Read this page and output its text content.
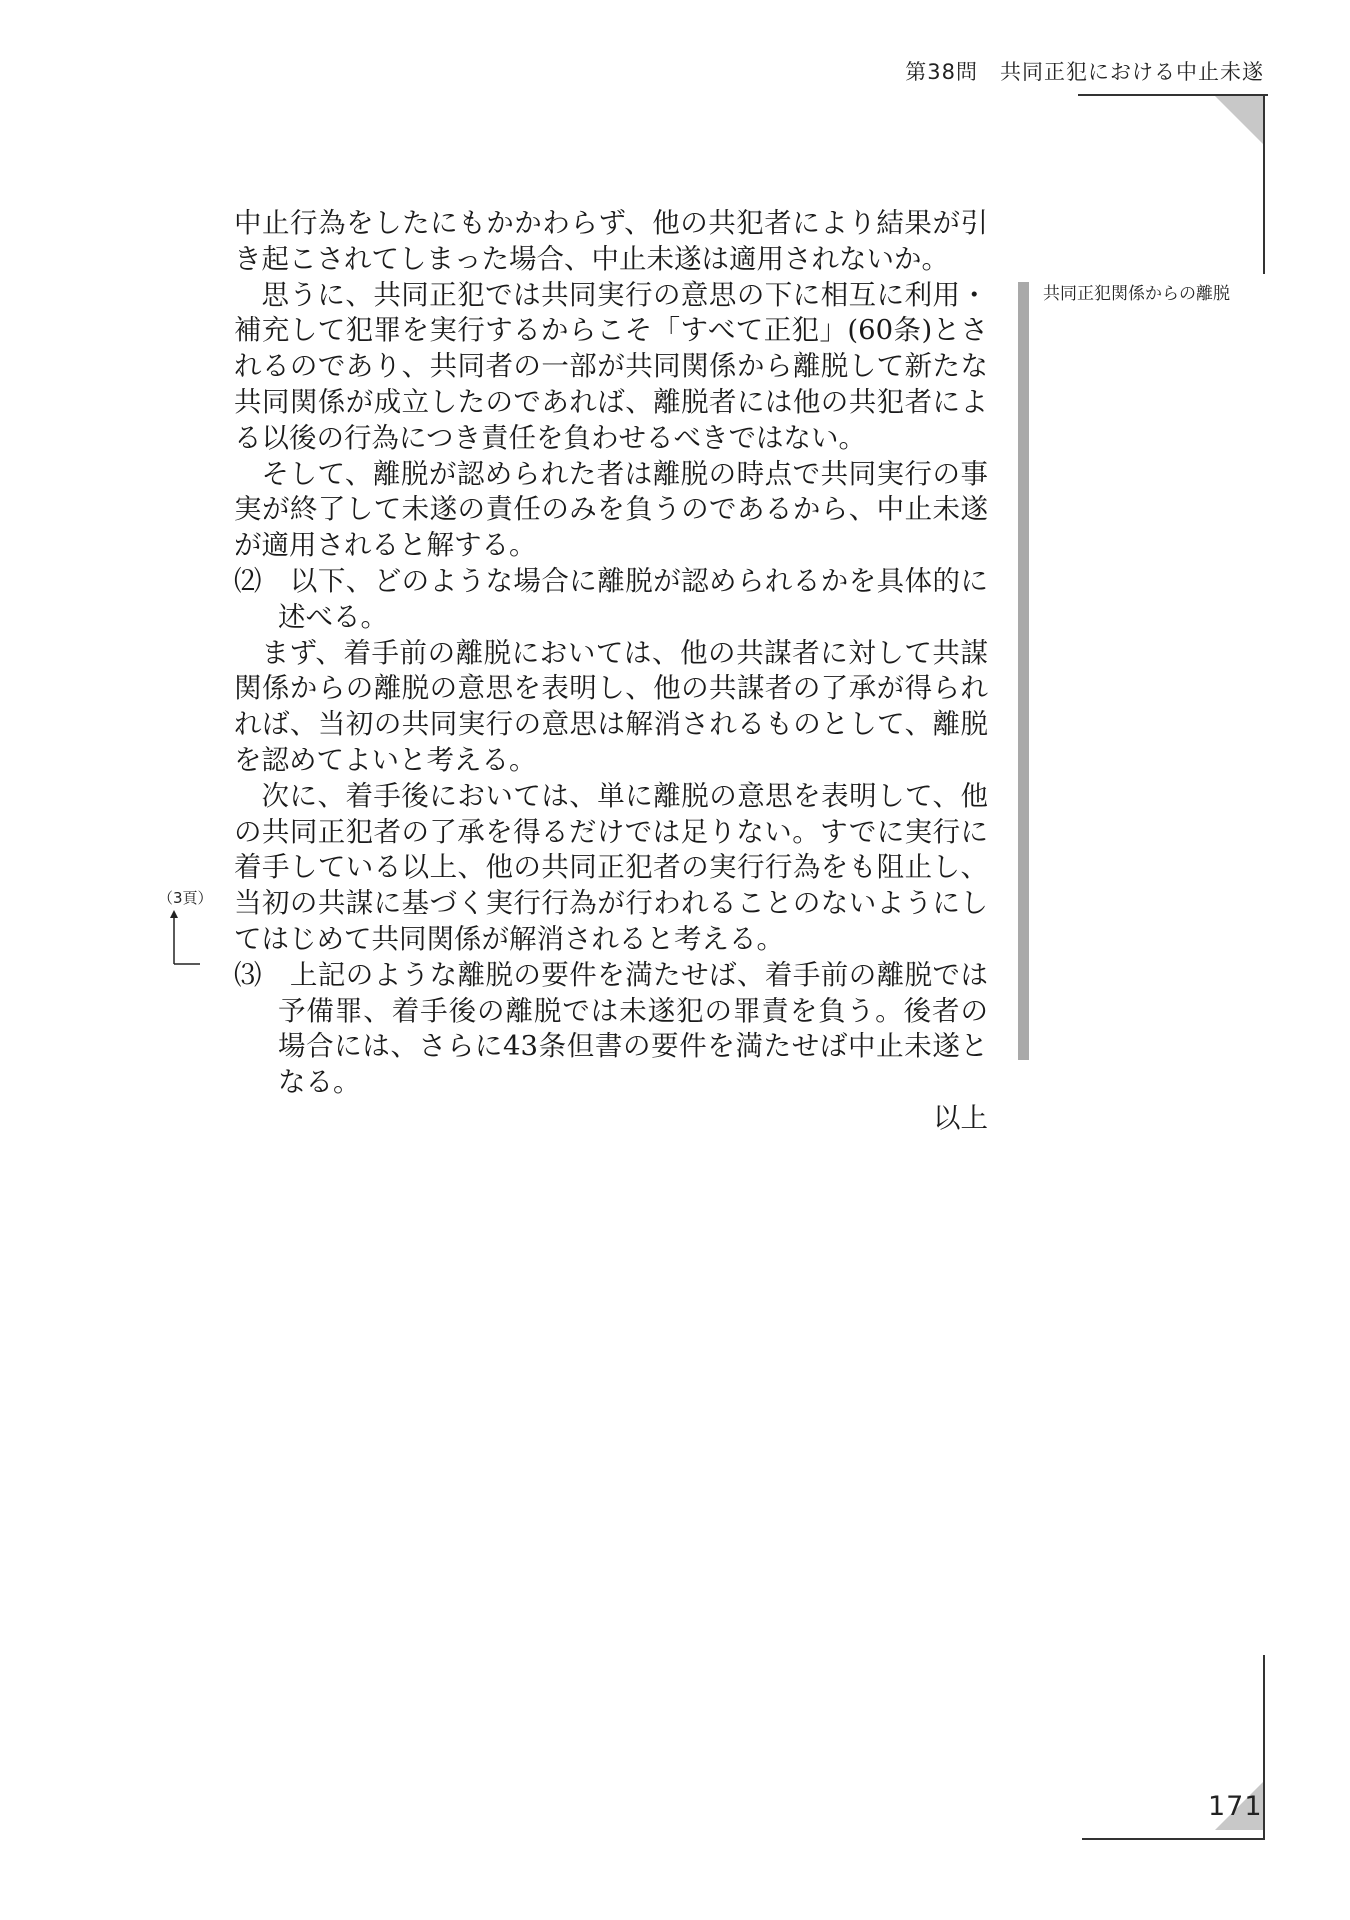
第38問 共同正犯における中止未遂

中止行為をしたにもかかわらず、他の共犯者により結果が引き起こされてしまった場合、中止未遂は適用されないか。

思うに、共同正犯では共同実行の意思の下に相互に利用・補充して犯罪を実行するからこそ「すべて正犯」(60条)とされるのであり、共同者の一部が共同関係から離脱して新たな共同関係が成立したのであれば、離脱者には他の共犯者による以後の行為につき責任を負わせるべきではない。

そして、離脱が認められた者は離脱の時点で共同実行の事実が終了して未遂の責任のみを負うのであるから、中止未遂が適用されると解する。

⑵　以下、どのような場合に離脱が認められるかを具体的に述べる。

まず、着手前の離脱においては、他の共謀者に対して共謀関係からの離脱の意思を表明し、他の共謀者の了承が得られれば、当初の共同実行の意思は解消されるものとして、離脱を認めてよいと考える。

次に、着手後においては、単に離脱の意思を表明して、他の共同正犯者の了承を得るだけでは足りない。すでに実行に着手している以上、他の共同正犯者の実行行為をも阻止し、当初の共謀に基づく実行行為が行われることのないようにしてはじめて共同関係が解消されると考える。

⑶　上記のような離脱の要件を満たせば、着手前の離脱では予備罪、着手後の離脱では未遂犯の罪責を負う。後者の場合には、さらに43条但書の要件を満たせば中止未遂となる。

以上

共同正犯関係からの離脱
（3頁）
171
